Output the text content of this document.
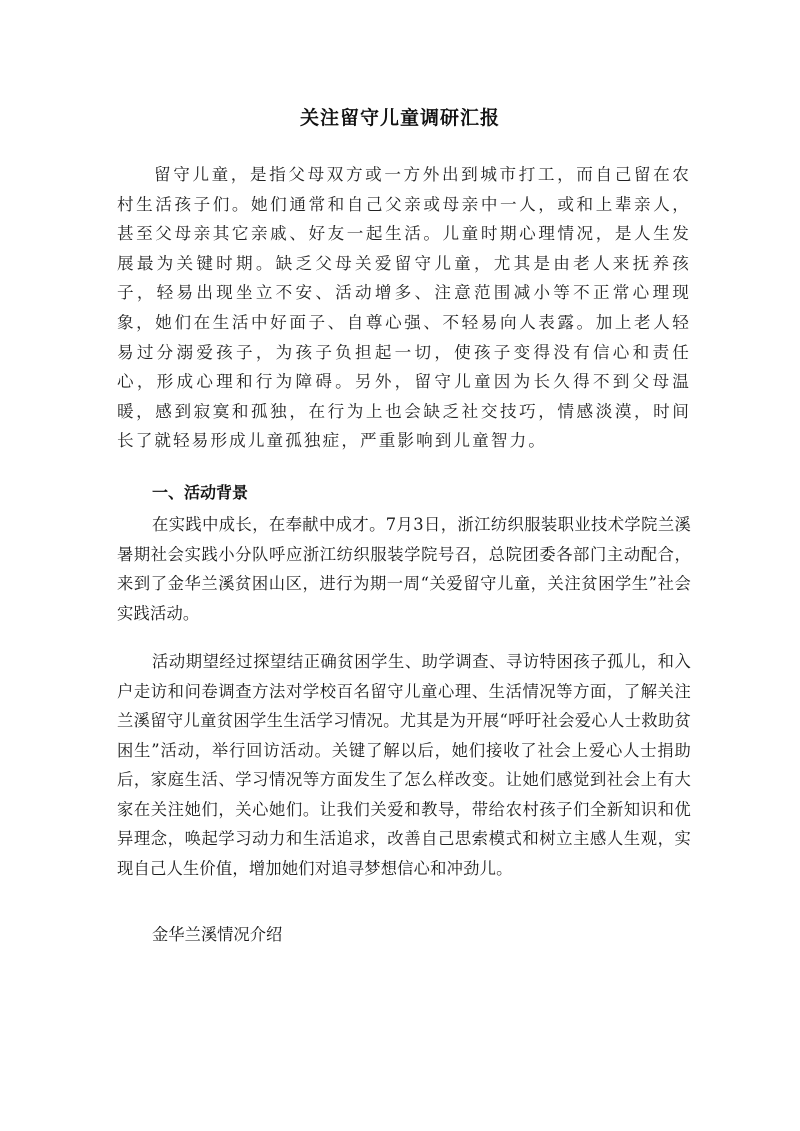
关注留守儿童调研汇报

留守儿童，是指父母双方或一方外出到城市打工，而自己留在农村生活孩子们。她们通常和自己父亲或母亲中一人，或和上辈亲人，甚至父母亲其它亲戚、好友一起生活。儿童时期心理情况，是人生发展最为关键时期。缺乏父母关爱留守儿童，尤其是由老人来抚养孩子，轻易出现坐立不安、活动增多、注意范围减小等不正常心理现象，她们在生活中好面子、自尊心强、不轻易向人表露。加上老人轻易过分溺爱孩子，为孩子负担起一切，使孩子变得没有信心和责任心，形成心理和行为障碍。另外，留守儿童因为长久得不到父母温暖，感到寂寞和孤独，在行为上也会缺乏社交技巧，情感淡漠，时间长了就轻易形成儿童孤独症，严重影响到儿童智力。

一、活动背景

在实践中成长，在奉献中成才。7月3日，浙江纺织服装职业技术学院兰溪暑期社会实践小分队呼应浙江纺织服装学院号召，总院团委各部门主动配合，来到了金华兰溪贫困山区，进行为期一周“关爱留守儿童，关注贫困学生”社会实践活动。

活动期望经过探望结正确贫困学生、助学调查、寻访特困孩子孤儿，和入户走访和问卷调查方法对学校百名留守儿童心理、生活情况等方面，了解关注兰溪留守儿童贫困学生生活学习情况。尤其是为开展“呼吁社会爱心人士救助贫困生”活动，举行回访活动。关键了解以后，她们接收了社会上爱心人士捐助后，家庭生活、学习情况等方面发生了怎么样改变。让她们感觉到社会上有大家在关注她们，关心她们。让我们关爱和教导，带给农村孩子们全新知识和优异理念，唤起学习动力和生活追求，改善自己思索模式和树立主感人生观，实现自己人生价值，增加她们对追寻梦想信心和冲劲儿。

金华兰溪情况介绍
